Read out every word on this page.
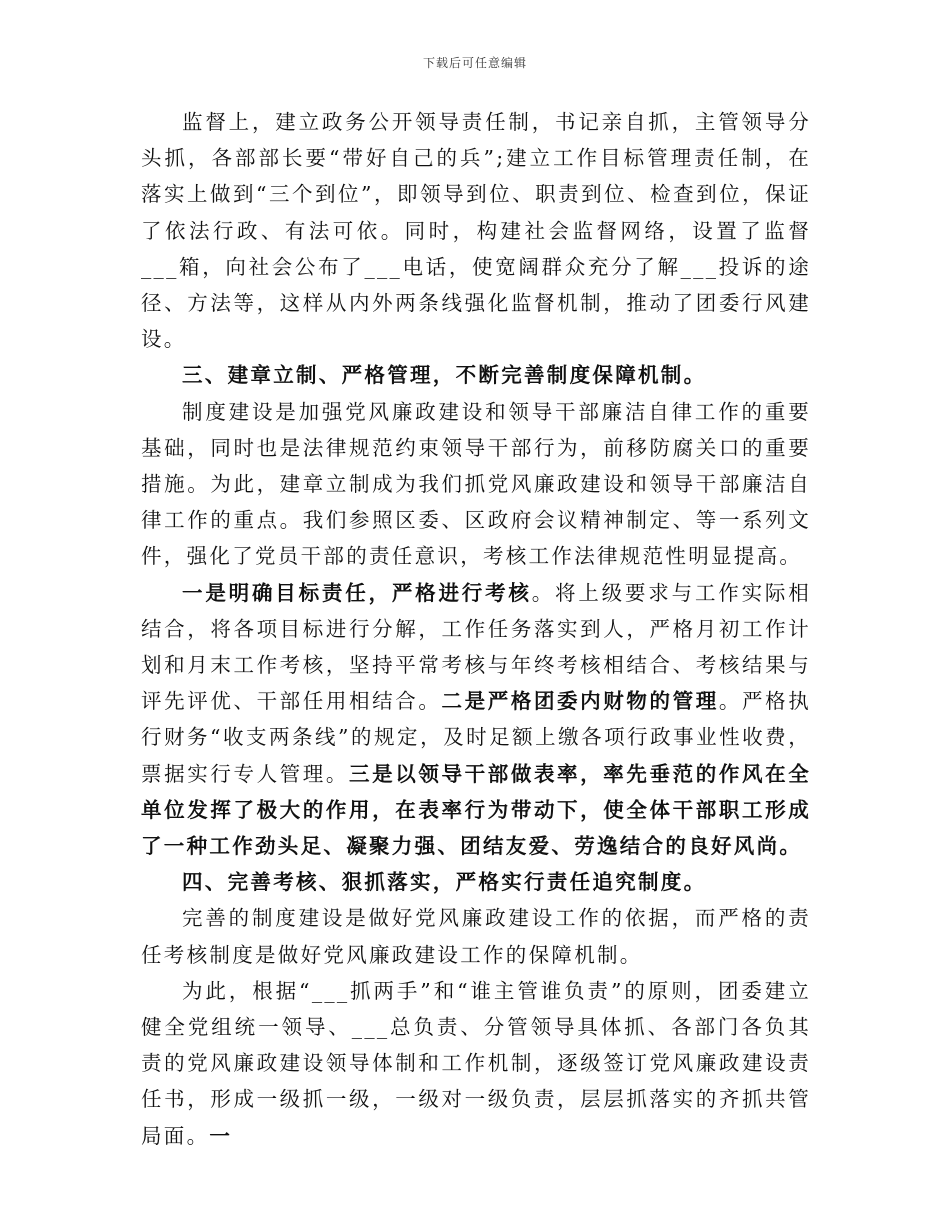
下载后可任意编辑

监督上，建立政务公开领导责任制，书记亲自抓，主管领导分头抓，各部部长要“带好自己的兵”;建立工作目标管理责任制，在落实上做到“三个到位”，即领导到位、职责到位、检查到位，保证了依法行政、有法可依。同时，构建社会监督网络，设置了监督___箱，向社会公布了___电话，使宽阔群众充分了解___投诉的途径、方法等，这样从内外两条线强化监督机制，推动了团委行风建设。

三、建章立制、严格管理，不断完善制度保障机制。

制度建设是加强党风廉政建设和领导干部廉洁自律工作的重要基础，同时也是法律规范约束领导干部行为，前移防腐关口的重要措施。为此，建章立制成为我们抓党风廉政建设和领导干部廉洁自律工作的重点。我们参照区委、区政府会议精神制定、等一系列文件，强化了党员干部的责任意识，考核工作法律规范性明显提高。

一是明确目标责任，严格进行考核。将上级要求与工作实际相结合，将各项目标进行分解，工作任务落实到人，严格月初工作计划和月末工作考核，坚持平常考核与年终考核相结合、考核结果与评先评优、干部任用相结合。二是严格团委内财物的管理。严格执行财务“收支两条线”的规定，及时足额上缴各项行政事业性收费，票据实行专人管理。三是以领导干部做表率，率先垂范的作风在全单位发挥了极大的作用，在表率行为带动下，使全体干部职工形成了一种工作劲头足、凝聚力强、团结友爱、劳逸结合的良好风尚。

四、完善考核、狠抓落实，严格实行责任追究制度。

完善的制度建设是做好党风廉政建设工作的依据，而严格的责任考核制度是做好党风廉政建设工作的保障机制。

为此，根据“___抓两手”和“谁主管谁负责”的原则，团委建立健全党组统一领导、___总负责、分管领导具体抓、各部门各负其责的党风廉政建设领导体制和工作机制，逐级签订党风廉政建设责任书，形成一级抓一级，一级对一级负责，层层抓落实的齐抓共管局面。一
